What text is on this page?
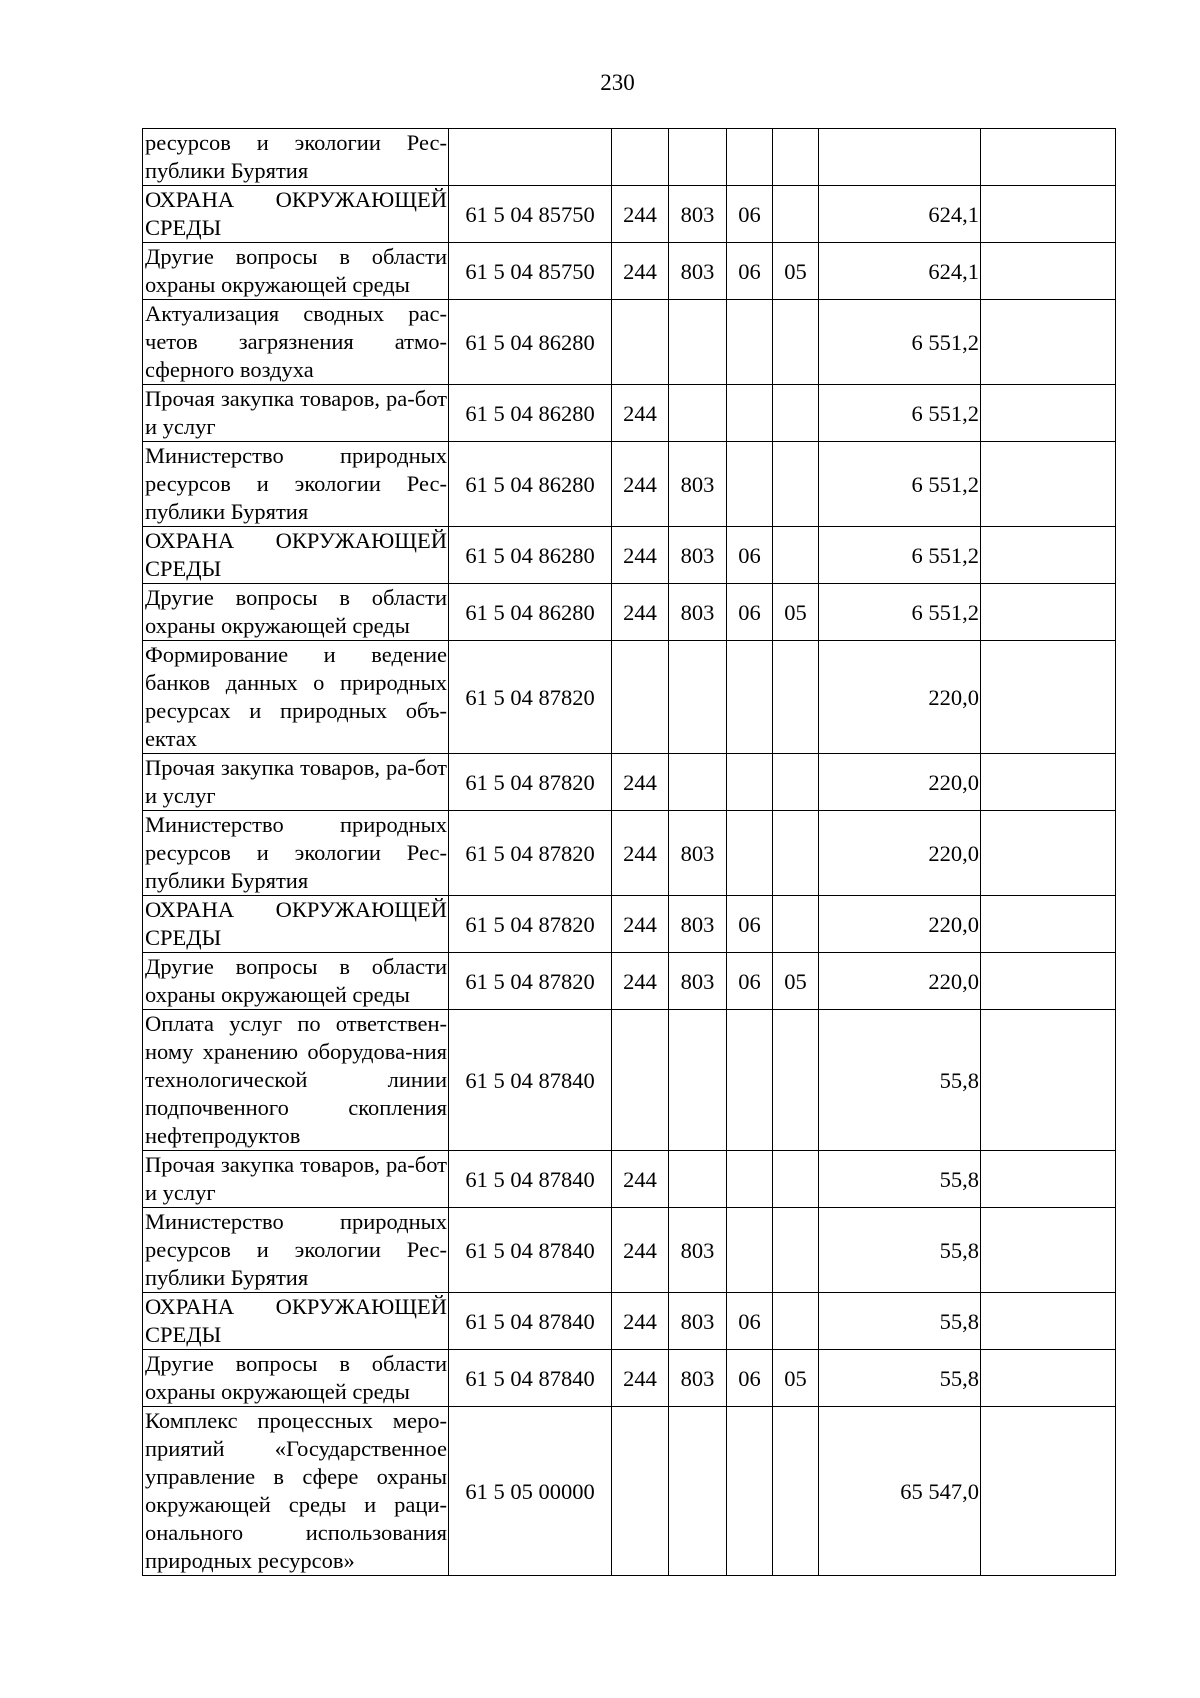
230
ресурсов и экологии Рес-публики Бурятия							

ОХРАНА ОКРУЖАЮЩЕЙ СРЕДЫ	61 5 04 85750	244	803	06		624,1	

Другие вопросы в области охраны окружающей среды	61 5 04 85750	244	803	06	05	624,1	

Актуализация сводных рас-четов загрязнения атмо-сферного воздуха	61 5 04 86280					6 551,2	

Прочая закупка товаров, ра-бот и услуг	61 5 04 86280	244				6 551,2	

Министерство природных ресурсов и экологии Рес-публики Бурятия	61 5 04 86280	244	803			6 551,2	

ОХРАНА ОКРУЖАЮЩЕЙ СРЕДЫ	61 5 04 86280	244	803	06		6 551,2	

Другие вопросы в области охраны окружающей среды	61 5 04 86280	244	803	06	05	6 551,2	

Формирование и ведение банков данных о природных ресурсах и природных объ-ектах	61 5 04 87820					220,0	

Прочая закупка товаров, ра-бот и услуг	61 5 04 87820	244				220,0	

Министерство природных ресурсов и экологии Рес-публики Бурятия	61 5 04 87820	244	803			220,0	

ОХРАНА ОКРУЖАЮЩЕЙ СРЕДЫ	61 5 04 87820	244	803	06		220,0	

Другие вопросы в области охраны окружающей среды	61 5 04 87820	244	803	06	05	220,0	

Оплата услуг по ответствен-ному хранению оборудова-ния технологической линии подпочвенного скопления нефтепродуктов	61 5 04 87840					55,8	

Прочая закупка товаров, ра-бот и услуг	61 5 04 87840	244				55,8	

Министерство природных ресурсов и экологии Рес-публики Бурятия	61 5 04 87840	244	803			55,8	

ОХРАНА ОКРУЖАЮЩЕЙ СРЕДЫ	61 5 04 87840	244	803	06		55,8	

Другие вопросы в области охраны окружающей среды	61 5 04 87840	244	803	06	05	55,8	

Комплекс процессных меро-приятий «Государственное управление в сфере охраны окружающей среды и раци-онального использования природных ресурсов»	61 5 05 00000					65 547,0	
